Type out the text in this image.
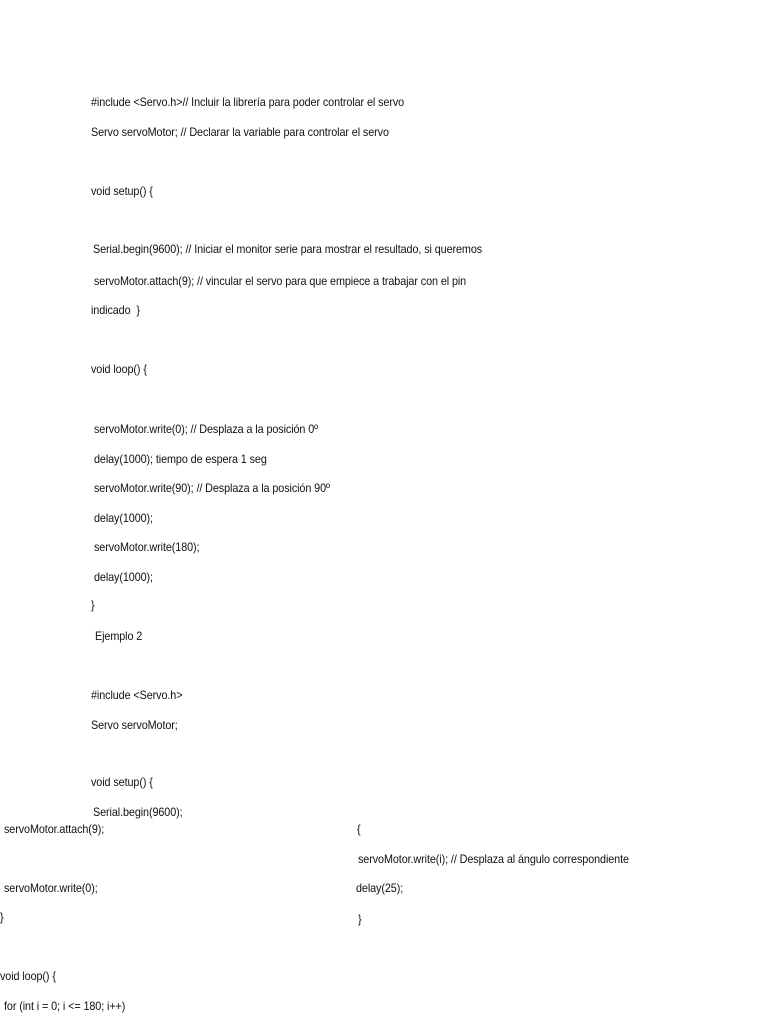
#include <Servo.h>// Incluir la librería para poder controlar el servo
Servo servoMotor; // Declarar la variable para controlar el servo
void setup() {
Serial.begin(9600); // Iniciar el monitor serie para mostrar el resultado, si queremos
servoMotor.attach(9); // vincular el servo para que empiece a trabajar con el pin
indicado  }
void loop() {
servoMotor.write(0); // Desplaza a la posición 0º
delay(1000); tiempo de espera 1 seg
servoMotor.write(90); // Desplaza a la posición 90º
delay(1000);
servoMotor.write(180);
delay(1000);
}
Ejemplo 2
#include <Servo.h>
Servo servoMotor;
void setup() {
Serial.begin(9600);
servoMotor.attach(9);
servoMotor.write(0);
}
void loop() {
for (int i = 0; i <= 180; i++)
{
servoMotor.write(i); // Desplaza al ángulo correspondiente
delay(25);
}
